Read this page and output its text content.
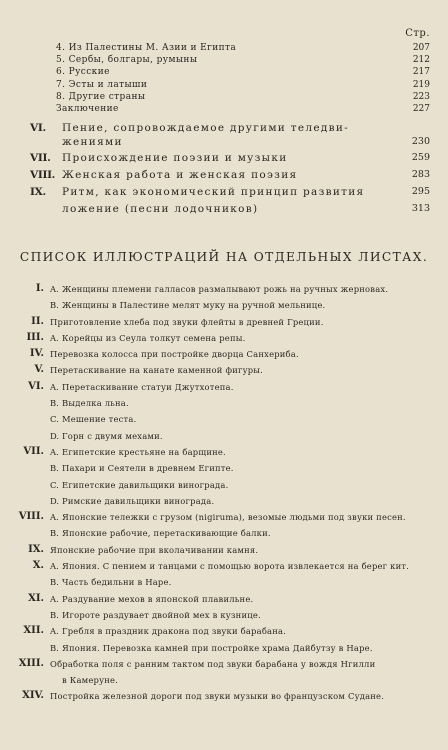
Стр.
4. Из Палестины М. Азии и Египта	207
5. Сербы, болгары, румыны	212
6. Русские	217
7. Эсты и латыши	219
8. Другие страны	223
Заключение	227
VI. Пение, сопровождаемое другими теледви-
жениями	230
VII. Происхождение поэзии и музыки	259
VIII. Женская работа и женская поэзия	283
IX. Ритм, как экономический принцип развития	295
ложение (песни лодочников)	313
СПИСОК ИЛЛЮСТРАЦИЙ НА ОТДЕЛЬНЫХ ЛИСТАХ.
I. A. Женщины племени галласов размалывают рожь на ручных жерновах.
B. Женщины в Палестине мелят муку на ручной мельнице.
II. Приготовление хлеба под звуки флейты в древней Греции.
III. A. Корейцы из Сеула толкут семена репы.
IV. Перевозка колосса при постройке дворца Санхериба.
V. Перетаскивание на канате каменной фигуры.
VI. A. Перетаскивание статуи Джутхотепа.
B. Выделка льна.
C. Мешение теста.
D. Горн с двумя мехами.
VII. A. Египетские крестьяне на барщине.
B. Пахари и Сеятели в древнем Египте.
C. Египетские давильщики винограда.
D. Римские давильщики винограда.
VIII. A. Японские тележки с грузом (nigiruma), везомые людьми под звуки песен.
B. Японские рабочие, перетаскивающие балки.
IX. Японские рабочие при вколачивании камня.
X. A. Япония. С пением и танцами с помощью ворота извлекается на берег кит.
B. Часть бедильни в Наре.
XI. A. Раздувание мехов в японской плавильне.
B. Игороте раздувает двойной мех в кузнице.
XII. A. Гребля в праздник дракона под звуки барабана.
B. Япония. Перевозка камней при постройке храма Дайбутзу в Наре.
XIII. Обработка поля с ранним тактом под звуки барабана у вождя Нгилли
в Камеруне.
XIV. Постройка железной дороги под звуки музыки во французском Судане.
